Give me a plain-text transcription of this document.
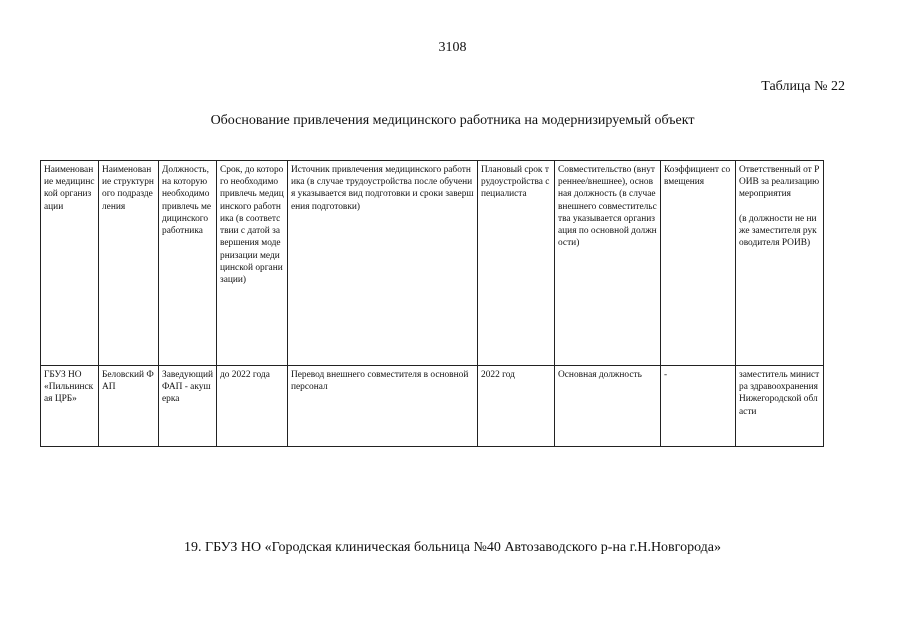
3108
Таблица № 22
Обоснование привлечения медицинского работника на модернизируемый объект
Наименование медицинской организации	Наименование структурного подразделения	Должность, на которую необходимо привлечь медицинского работника	Срок, до которого необходимо привлечь медицинского работника (в соответствии с датой завершения модернизации медицинской организации)	Источник привлечения медицинского работника (в случае трудоустройства после обучения указывается вид подготовки и сроки завершения подготовки)	Плановый срок трудоустройства специалиста	Совместительство (внутреннее/внешнее), основная должность (в случае внешнего совместительства указывается организация по основной должности)	Коэффициент совмещения	Ответственный от РОИВ за реализацию мероприятия

(в должности не ниже заместителя руководителя РОИВ)
ГБУЗ НО «Пильнинская ЦРБ»	Беловский ФАП	Заведующий ФАП - акушерка	до 2022 года	Перевод внешнего совместителя в основной персонал	2022 год	Основная должность	-	заместитель министра здравоохранения Нижегородской области
19. ГБУЗ НО «Городская клиническая больница №40 Автозаводского р-на г.Н.Новгорода»
